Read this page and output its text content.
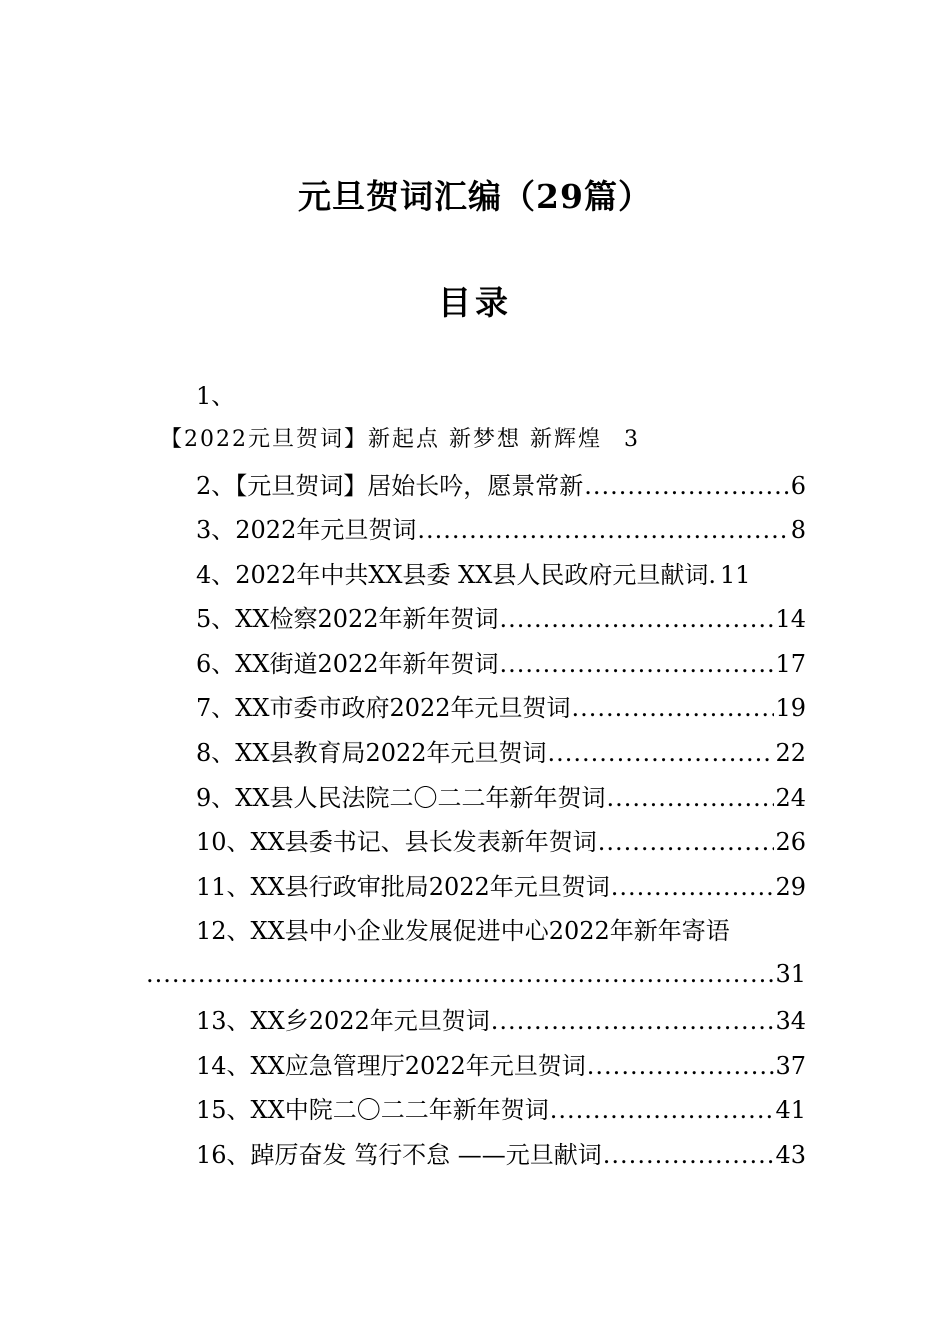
元旦贺词汇编（29篇）
目录
1、
【2022元旦贺词】新起点 新梦想 新辉煌 3
2、【元旦贺词】居始长吟，愿景常新 .....	6
3、2022年元旦贺词 .....	8
4、2022年中共XX县委 XX县人民政府元旦献词. 11
5、XX检察2022年新年贺词 .....	14
6、XX街道2022年新年贺词 .....	17
7、XX市委市政府2022年元旦贺词 .....	19
8、XX县教育局2022年元旦贺词 .....	22
9、XX县人民法院二〇二二年新年贺词 .....	24
10、XX县委书记、县长发表新年贺词 .....	26
11、XX县行政审批局2022年元旦贺词 .....	29
12、XX县中小企业发展促进中心2022年新年寄语
.....
31
13、XX乡2022年元旦贺词 .....	34
14、XX应急管理厅2022年元旦贺词 .....	37
15、XX中院二〇二二年新年贺词 .....	41
16、踔厉奋发 笃行不怠 ——元旦献词 .....	43
